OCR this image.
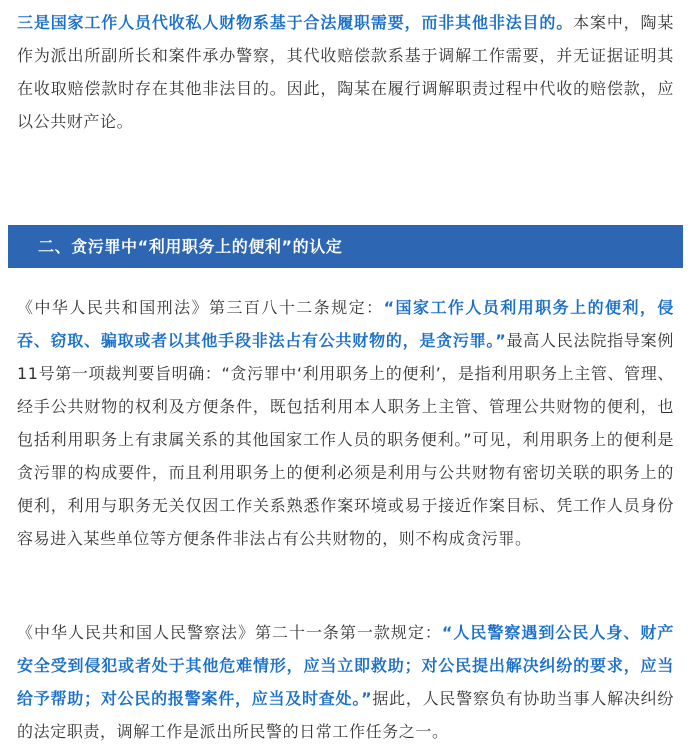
三是国家工作人员代收私人财物系基于合法履职需要，而非其他非法目的。本案中，陶某作为派出所副所长和案件承办警察，其代收赔偿款系基于调解工作需要，并无证据证明其在收取赔偿款时存在其他非法目的。因此，陶某在履行调解职责过程中代收的赔偿款，应以公共财产论。

二、贪污罪中“利用职务上的便利”的认定

《中华人民共和国刑法》第三百八十二条规定：“国家工作人员利用职务上的便利，侵吞、窃取、骗取或者以其他手段非法占有公共财物的，是贪污罪。”最高人民法院指导案例11号第一项裁判要旨明确：“贪污罪中‘利用职务上的便利’，是指利用职务上主管、管理、经手公共财物的权利及方便条件，既包括利用本人职务上主管、管理公共财物的便利，也包括利用职务上有隶属关系的其他国家工作人员的职务便利。”可见，利用职务上的便利是贪污罪的构成要件，而且利用职务上的便利必须是利用与公共财物有密切关联的职务上的便利，利用与职务无关仅因工作关系熟悉作案环境或易于接近作案目标、凭工作人员身份容易进入某些单位等方便条件非法占有公共财物的，则不构成贪污罪。

《中华人民共和国人民警察法》第二十一条第一款规定：“人民警察遇到公民人身、财产安全受到侵犯或者处于其他危难情形，应当立即救助；对公民提出解决纠纷的要求，应当给予帮助；对公民的报警案件，应当及时查处。”据此，人民警察负有协助当事人解决纠纷的法定职责，调解工作是派出所民警的日常工作任务之一。
